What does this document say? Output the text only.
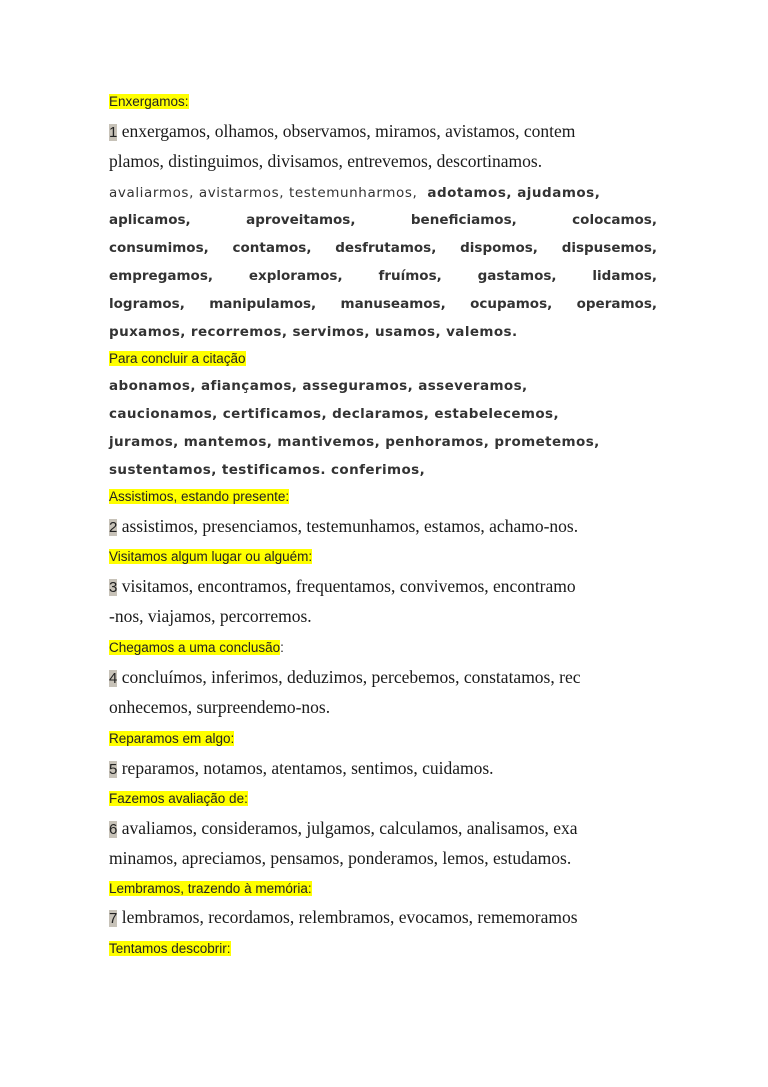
Enxergamos:
1 enxergamos, olhamos, observamos, miramos, avistamos, contem
plamos, distinguimos, divisamos, entrevemos, descortinamos.
avaliarmos, avistarmos, testemunharmos, adotamos, ajudamos,
aplicamos,	aproveitamos,	beneficiamos,	colocamos,
consumimos, contamos, desfrutamos, dispomos, dispusemos,
empregamos,	exploramos,	fruímos,	gastamos,	lidamos,
logramos, manipulamos, manuseamos, ocupamos, operamos,
puxamos, recorremos, servimos, usamos, valemos.
Para concluir a citação
abonamos, afiançamos, asseguramos, asseveramos,
caucionamos, certificamos, declaramos, estabelecemos,
juramos, mantemos, mantivemos, penhoramos, prometemos,
sustentamos, testificamos. conferimos,
Assistimos, estando presente:
2 assistimos, presenciamos, testemunhamos, estamos, achamo-nos.
Visitamos algum lugar ou alguém:
3 visitamos, encontramos, frequentamos, convivemos, encontramo
-nos, viajamos, percorremos.
Chegamos a uma conclusão:
4 concluímos, inferimos, deduzimos, percebemos, constatamos, rec
onhecemos, surpreendemo-nos.
Reparamos em algo:
5 reparamos, notamos, atentamos, sentimos, cuidamos.
Fazemos avaliação de:
6 avaliamos, consideramos, julgamos, calculamos, analisamos, exa
minamos, apreciamos, pensamos, ponderamos, lemos, estudamos.
Lembramos, trazendo à memória:
7 lembramos, recordamos, relembramos, evocamos, rememoramos
Tentamos descobrir:
